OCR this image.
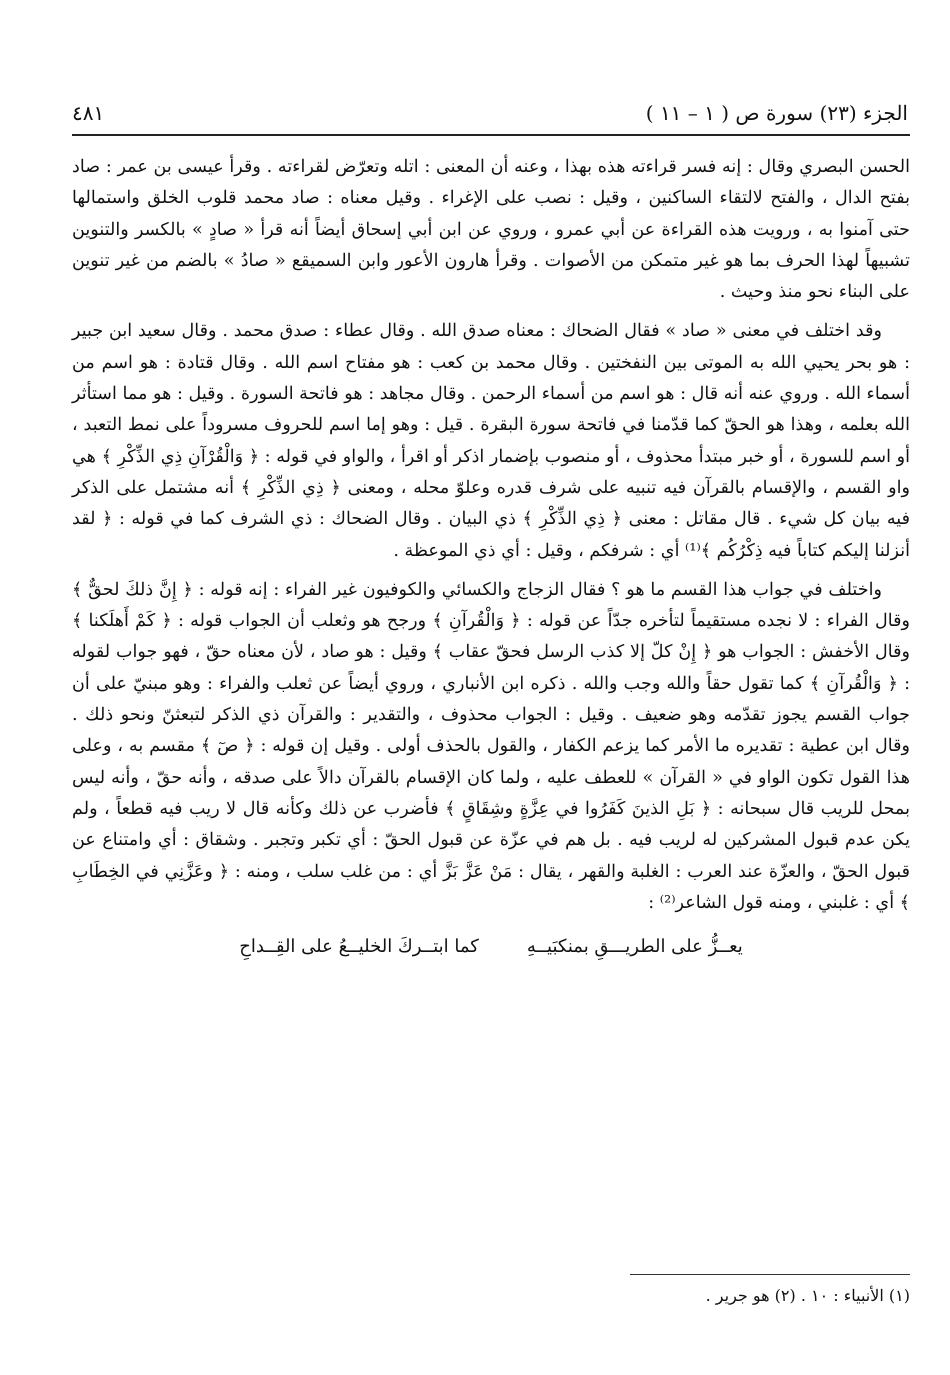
الجزء (٢٣) سورة ص ( ١ – ١١ )
٤٨١

الحسن البصري وقال : إنه فسر قراءته هذه بهذا ، وعنه أن المعنى : اتله وتعرّض لقراءته . وقرأ عيسى بن عمر : صاد بفتح الدال ، والفتح لالتقاء الساكنين ، وقيل : نصب على الإغراء . وقيل معناه : صاد محمد قلوب الخلق واستمالها حتى آمنوا به ، ورويت هذه القراءة عن أبي عمرو ، وروي عن ابن أبي إسحاق أيضاً أنه قرأ « صادٍ » بالكسر والتنوين تشبيهاً لهذا الحرف بما هو غير متمكن من الأصوات . وقرأ هارون الأعور وابن السميقع « صادُ » بالضم من غير تنوين على البناء نحو منذ وحيث .

وقد اختلف في معنى « صاد » فقال الضحاك : معناه صدق الله . وقال عطاء : صدق محمد . وقال سعيد ابن جبير : هو بحر يحيي الله به الموتى بين النفختين . وقال محمد بن كعب : هو مفتاح اسم الله . وقال قتادة : هو اسم من أسماء الله . وروي عنه أنه قال : هو اسم من أسماء الرحمن . وقال مجاهد : هو فاتحة السورة . وقيل : هو مما استأثر الله بعلمه ، وهذا هو الحقّ كما قدّمنا في فاتحة سورة البقرة . قيل : وهو إما اسم للحروف مسروداً على نمط التعبد ، أو اسم للسورة ، أو خبر مبتدأ محذوف ، أو منصوب بإضمار اذكر أو اقرأ ، والواو في قوله : ﴿ وَالْقُرْآنِ ذِي الذِّكْرِ ﴾ هي واو القسم ، والإقسام بالقرآن فيه تنبيه على شرف قدره وعلوّ محله ، ومعنى ﴿ ذِي الذِّكْرِ ﴾ أنه مشتمل على الذكر فيه بيان كل شيء . قال مقاتل : معنى ﴿ ذِي الذِّكْرِ ﴾ ذي البيان . وقال الضحاك : ذي الشرف كما في قوله : ﴿ لقد أنزلنا إليكم كتاباً فيه ذِكْرُكُم ﴾⁽¹⁾ أي : شرفكم ، وقيل : أي ذي الموعظة .

واختلف في جواب هذا القسم ما هو ؟ فقال الزجاج والكسائي والكوفيون غير الفراء : إنه قوله : ﴿ إِنَّ ذلكَ لحقٌّ ﴾ وقال الفراء : لا نجده مستقيماً لتأخره جدّاً عن قوله : ﴿ وَالْقُرآنِ ﴾ ورجح هو وثعلب أن الجواب قوله : ﴿ كَمْ أَهلَكنا ﴾ وقال الأخفش : الجواب هو ﴿ إِنْ كلّ إلا كذب الرسل فحقّ عقاب ﴾ وقيل : هو صاد ، لأن معناه حقّ ، فهو جواب لقوله : ﴿ وَالْقُرآنِ ﴾ كما تقول حقاً والله وجب والله . ذكره ابن الأنباري ، وروي أيضاً عن ثعلب والفراء : وهو مبنيّ على أن جواب القسم يجوز تقدّمه وهو ضعيف . وقيل : الجواب محذوف ، والتقدير : والقرآن ذي الذكر لتبعثنّ ونحو ذلك . وقال ابن عطية : تقديره ما الأمر كما يزعم الكفار ، والقول بالحذف أولى . وقيل إن قوله : ﴿ صٓ ﴾ مقسم به ، وعلى هذا القول تكون الواو في « القرآن » للعطف عليه ، ولما كان الإقسام بالقرآن دالاً على صدقه ، وأنه حقّ ، وأنه ليس بمحل للريب قال سبحانه : ﴿ بَلِ الذينَ كَفَرُوا في عِزَّةٍ وشِقَاقٍ ﴾ فأضرب عن ذلك وكأنه قال لا ريب فيه قطعاً ، ولم يكن عدم قبول المشركين له لريب فيه . بل هم في عزّة عن قبول الحقّ : أي تكبر وتجبر . وشقاق : أي وامتناع عن قبول الحقّ ، والعزّة عند العرب : الغلبة والقهر ، يقال : مَنْ عَزَّ بَزَّ أي : من غلب سلب ، ومنه : ﴿ وعَزَّنِي في الخِطَابِ ﴾ أي : غلبني ، ومنه قول الشاعر⁽²⁾ :

يعــزُّ على الطريـــقِ بمنكبَيــهِ
كما ابتــركَ الخليــعُ على القِــداحِ
(١) الأنبياء : ١٠ . (٢) هو جرير .
